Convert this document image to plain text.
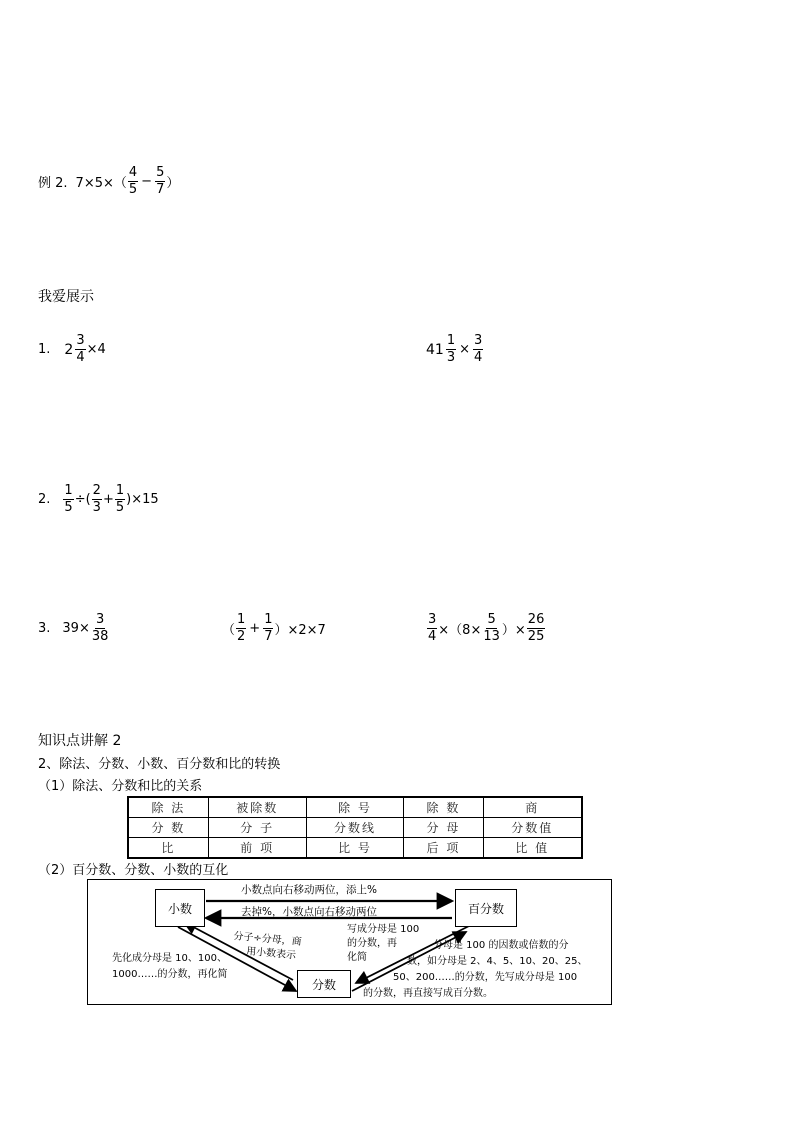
例 2. $7\times 5\times( \frac{4}{5} - \frac{5}{7}$ ）
我爱展示
1. $2 \frac{3}{4} \times 4$	$41 \frac{1}{3} \times \frac{3}{4}$
2. $\frac{1}{5}$ ÷( $\frac{2}{3} + \frac{1}{5} )\times 15$
3. $39\times \frac{3}{38}$	（ $\frac{1}{2} + \frac{1}{7} )\times 2\times 7$	$\frac{3}{4} \times(8\times \frac{5}{13}$ ）× $\frac{26}{25}$
知识点讲解 2
2、除法、分数、小数、百分数和比的转换
（1）除法、分数和比的关系
除 法	被除数	除 号	除 数	商
分 数	分 子	分数线	分 母	分数值
比	前 项	比 号	后 项	比 值
（2）百分数、分数、小数的互化
小数	百分数
分数
小数点向右移动两位，添上%
去掉%，小数点向右移动两位
分子÷分母，商
用小数表示
先化成分母是 10、100、
1000……的分数，再化简
写成分母是 100
的分数，再
化简
分母是 100 的因数或倍数的分
数，如分母是 2、4、5、10、20、25、
50、200……的分数，先写成分母是 100
的分数，再直接写成百分数。
